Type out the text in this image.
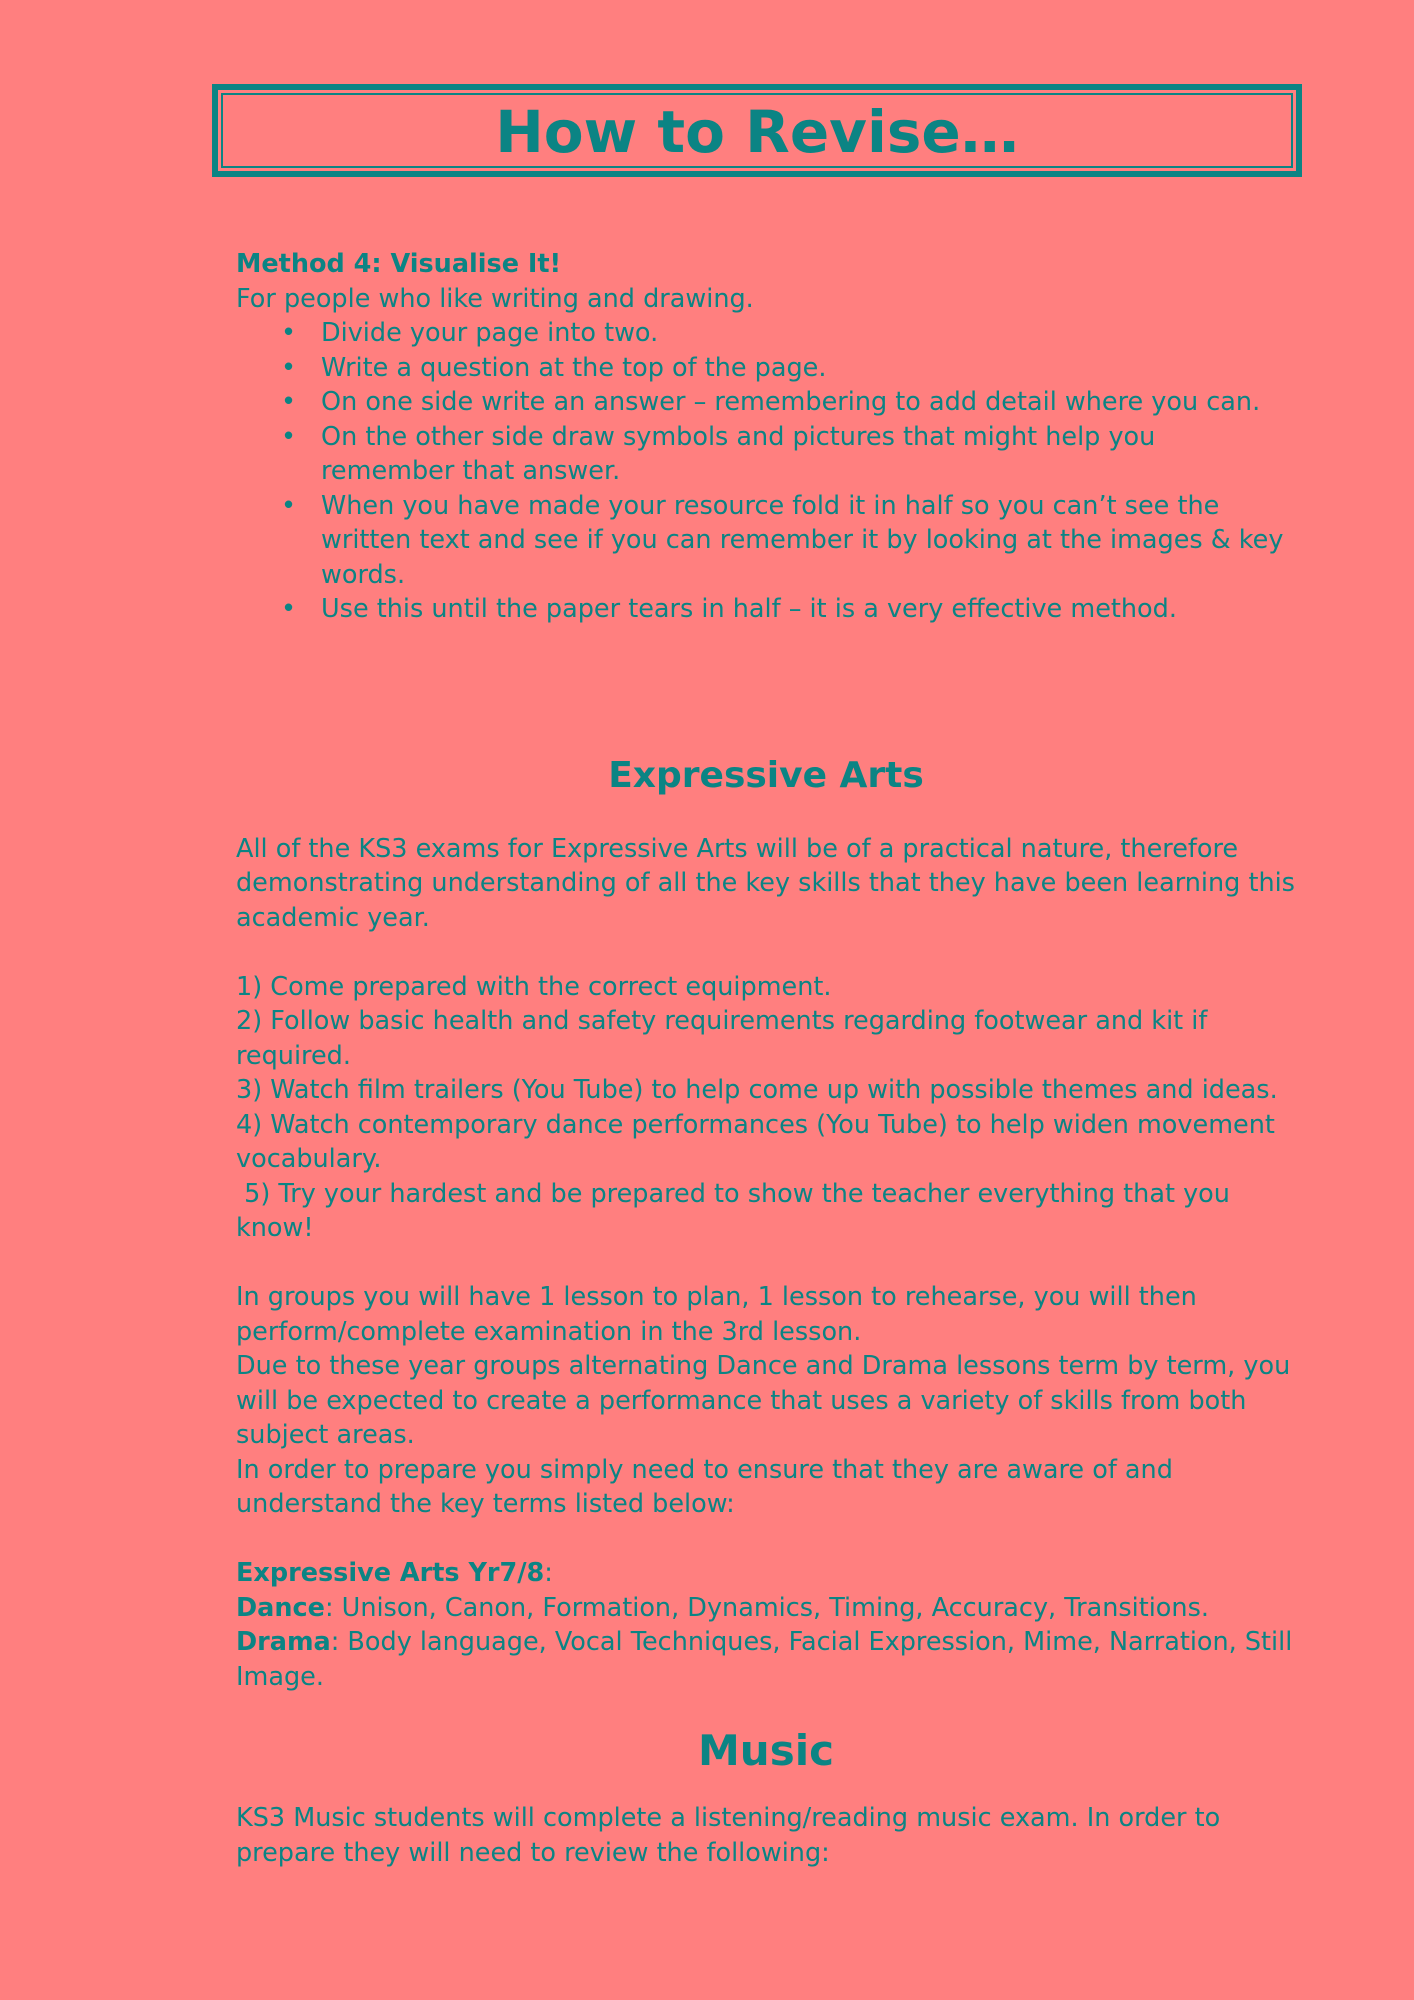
How to Revise…

Method 4: Visualise It!

For people who like writing and drawing.

• Divide your page into two.
• Write a question at the top of the page.
• On one side write an answer – remembering to add detail where you can.
• On the other side draw symbols and pictures that might help you remember that answer.
• When you have made your resource fold it in half so you can’t see the written text and see if you can remember it by looking at the images & key words.
• Use this until the paper tears in half – it is a very effective method.

Expressive Arts

All of the KS3 exams for Expressive Arts will be of a practical nature, therefore demonstrating understanding of all the key skills that they have been learning this academic year.

1) Come prepared with the correct equipment.

2) Follow basic health and safety requirements regarding footwear and kit if required.

3) Watch film trailers (You Tube) to help come up with possible themes and ideas.

4) Watch contemporary dance performances (You Tube) to help widen movement vocabulary.

5) Try your hardest and be prepared to show the teacher everything that you know!

In groups you will have 1 lesson to plan, 1 lesson to rehearse, you will then perform/complete examination in the 3rd lesson.

Due to these year groups alternating Dance and Drama lessons term by term, you will be expected to create a performance that uses a variety of skills from both subject areas.

In order to prepare you simply need to ensure that they are aware of and understand the key terms listed below:

Expressive Arts Yr7/8:

Dance: Unison, Canon, Formation, Dynamics, Timing, Accuracy, Transitions.

Drama: Body language, Vocal Techniques, Facial Expression, Mime, Narration, Still Image.

Music

KS3 Music students will complete a listening/reading music exam. In order to prepare they will need to review the following:
